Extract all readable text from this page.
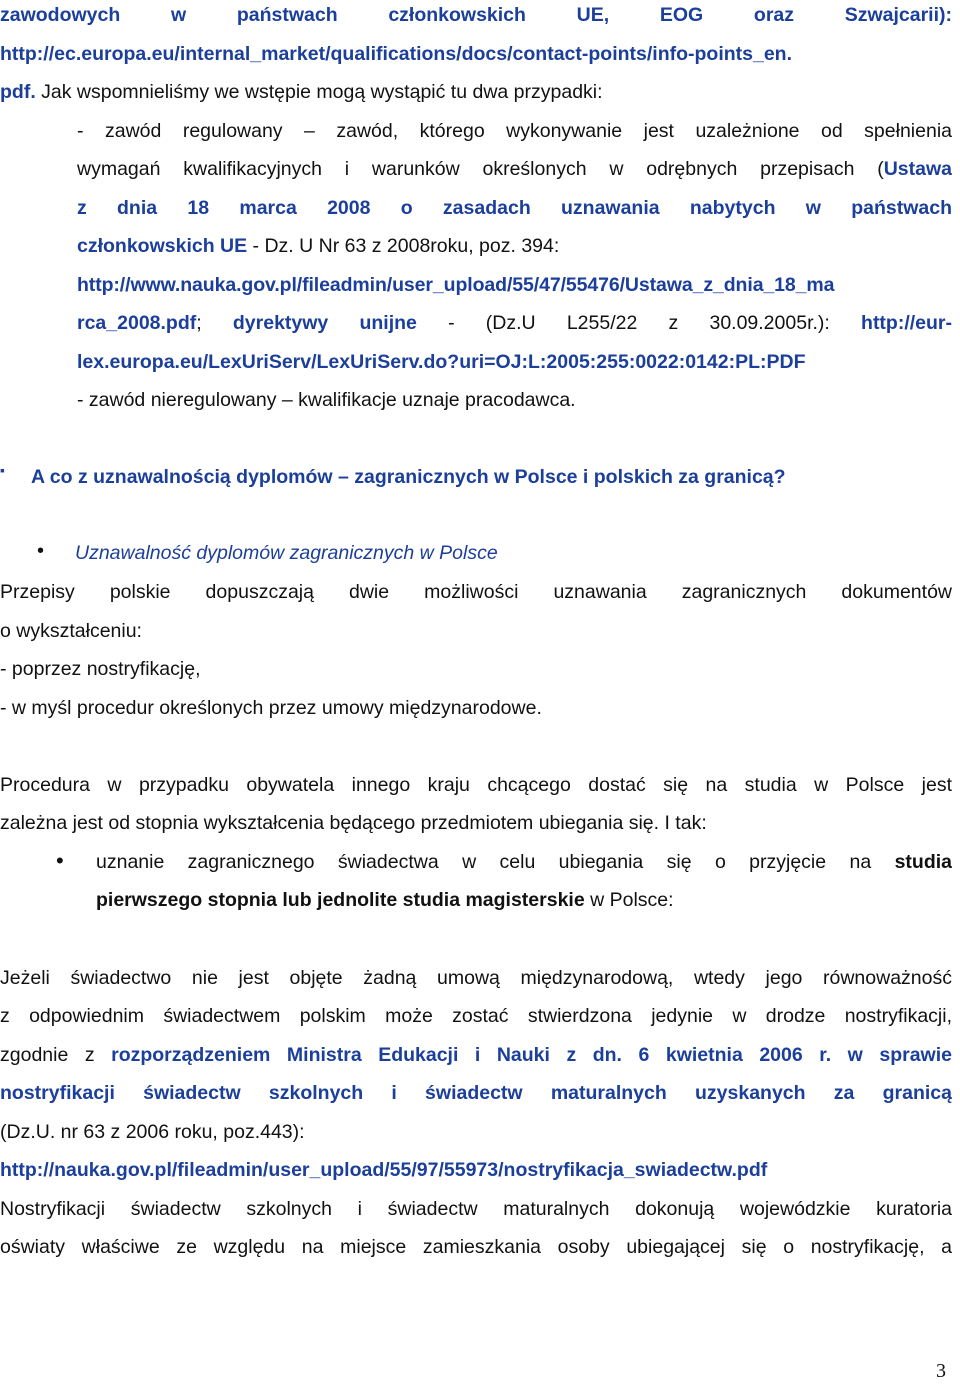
zawodowych w państwach członkowskich UE, EOG oraz Szwajcarii):
http://ec.europa.eu/internal_market/qualifications/docs/contact-points/info-points_en.
pdf. Jak wspomnieliśmy we wstępie mogą wystąpić tu dwa przypadki:
- zawód regulowany – zawód, którego wykonywanie jest uzależnione od spełnienia
wymagań kwalifikacyjnych i warunków określonych w odrębnych przepisach (Ustawa
z dnia 18 marca 2008 o zasadach uznawania nabytych w państwach
członkowskich UE - Dz. U Nr 63 z 2008roku, poz. 394:
http://www.nauka.gov.pl/fileadmin/user_upload/55/47/55476/Ustawa_z_dnia_18_ma
rca_2008.pdf; dyrektywy unijne - (Dz.U L255/22 z 30.09.2005r.): http://eur-
lex.europa.eu/LexUriServ/LexUriServ.do?uri=OJ:L:2005:255:0022:0142:PL:PDF
- zawód nieregulowany – kwalifikacje uznaje pracodawca.
▪ A co z uznawalnością dyplomów – zagranicznych w Polsce i polskich za granicą?
• Uznawalność dyplomów zagranicznych w Polsce
Przepisy polskie dopuszczają dwie możliwości uznawania zagranicznych dokumentów
o wykształceniu:
- poprzez nostryfikację,
- w myśl procedur określonych przez umowy międzynarodowe.
Procedura w przypadku obywatela innego kraju chcącego dostać się na studia w Polsce jest
zależna jest od stopnia wykształcenia będącego przedmiotem ubiegania się. I tak:
• uznanie zagranicznego świadectwa w celu ubiegania się o przyjęcie na studia
pierwszego stopnia lub jednolite studia magisterskie w Polsce:
Jeżeli świadectwo nie jest objęte żadną umową międzynarodową, wtedy jego równoważność
z odpowiednim świadectwem polskim może zostać stwierdzona jedynie w drodze nostryfikacji,
zgodnie z rozporządzeniem Ministra Edukacji i Nauki z dn. 6 kwietnia 2006 r. w sprawie
nostryfikacji świadectw szkolnych i świadectw maturalnych uzyskanych za granicą
(Dz.U. nr 63 z 2006 roku, poz.443):
http://nauka.gov.pl/fileadmin/user_upload/55/97/55973/nostryfikacja_swiadectw.pdf
Nostryfikacji świadectw szkolnych i świadectw maturalnych dokonują wojewódzkie kuratoria
oświaty właściwe ze względu na miejsce zamieszkania osoby ubiegającej się o nostryfikację, a
3
